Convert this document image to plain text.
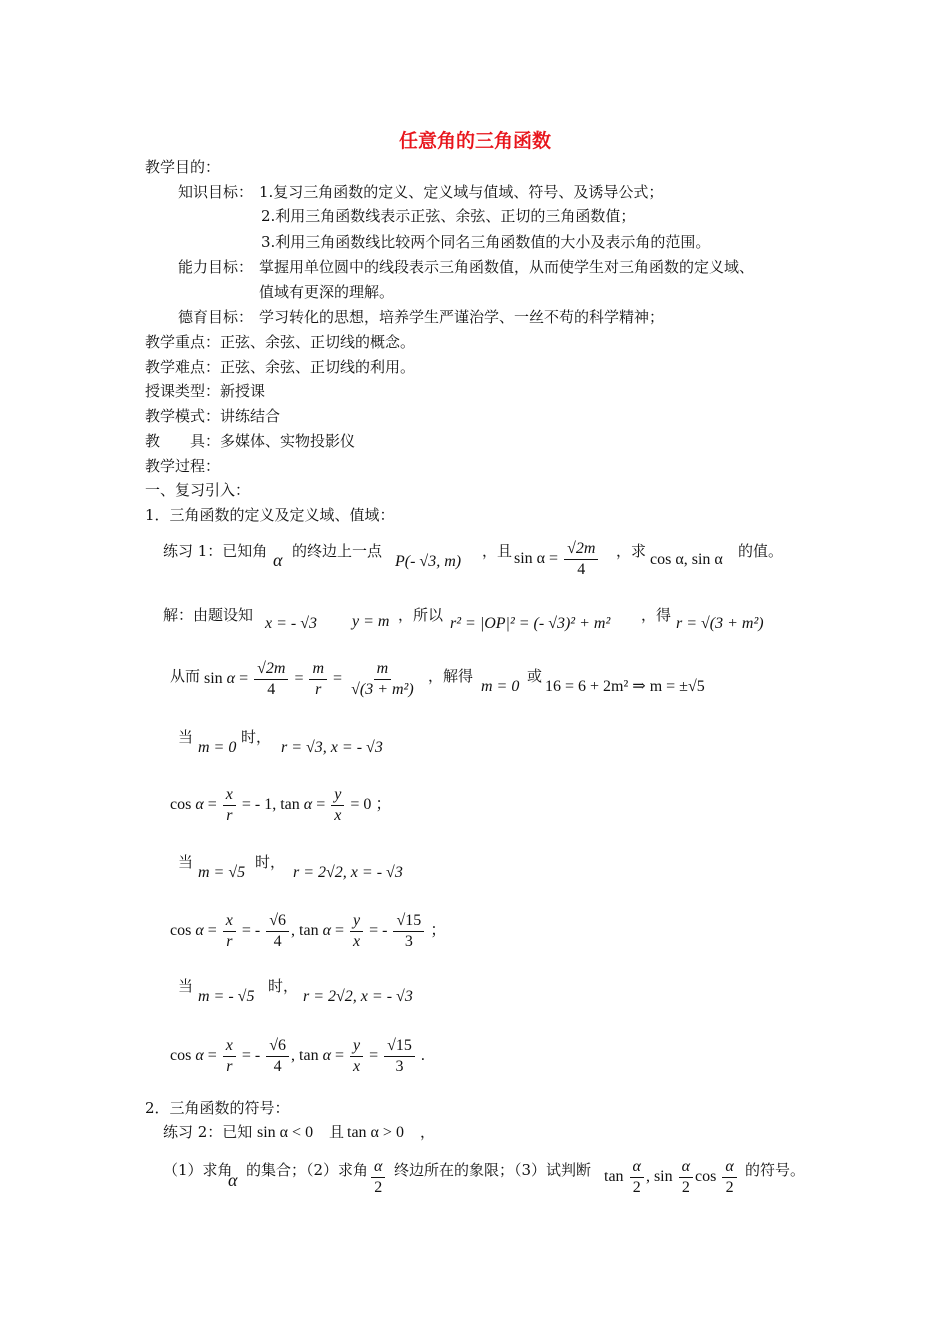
任意角的三角函数
教学目的：
知识目标： 1.复习三角函数的定义、定义域与值域、符号、及诱导公式；
2.利用三角函数线表示正弦、余弦、正切的三角函数值；
3.利用三角函数线比较两个同名三角函数值的大小及表示角的范围。
能力目标： 掌握用单位圆中的线段表示三角函数值，从而使学生对三角函数的定义域、
值域有更深的理解。
德育目标： 学习转化的思想，培养学生严谨治学、一丝不苟的科学精神；
教学重点：正弦、余弦、正切线的概念。
教学难点：正弦、余弦、正切线的利用。
授课类型：新授课
教学模式：讲练结合
教　　具：多媒体、实物投影仪
教学过程：
一、复习引入：
1．三角函数的定义及定义域、值域：
练习 1：已知角 α 的终边上一点
P(- √3, m)
，且 $\sin \alpha = \frac{√2m}{4}$ ，求 cos α, sin α 的值。
解：由题设知 x = - √3 y = m ，所以 r² = |OP|² = (- √3)² + m² ，得 r = √(3 + m²)
从而 $\sin \alpha = \frac{√2m}{4} = \frac{m}{r} = \frac{m}{\text{√(3 + m²)}}$ ，解得
m = 0
或
16 = 6 + 2m² ⇒ m = ±√5
当
m = 0
时，
r = √3, x = - √3
$\cos \alpha = \frac{x}{r}$ = - 1, $\tan \alpha = \frac{y}{x} = 0$ ；
当
m = √5
时，
r = 2√2, x = - √3
$\cos \alpha = \frac{x}{r}$ = - $\frac{√6}{4}$ , $\tan \alpha = \frac{y}{x}$ = - $\frac{√15}{3}$ ；
当
m = - √5
时，
r = 2√2, x = - √3
$\cos \alpha = \frac{x}{r}$ = - $\frac{√6}{4}$ , $\tan \alpha = \frac{y}{x} = \frac{√15}{3}$ .
2．三角函数的符号：
练习 2：已知 sin α < 0 且 tan α > 0 ，
（1）求角
α 的集合；（2）求角 $\frac{\alpha}{2}$ 终边所在的象限；（3）试判断 $\tan \frac{\alpha}{2}$ , $\sin \frac{\alpha}{2}$ $\cos \frac{\alpha}{2}$ 的符号。
